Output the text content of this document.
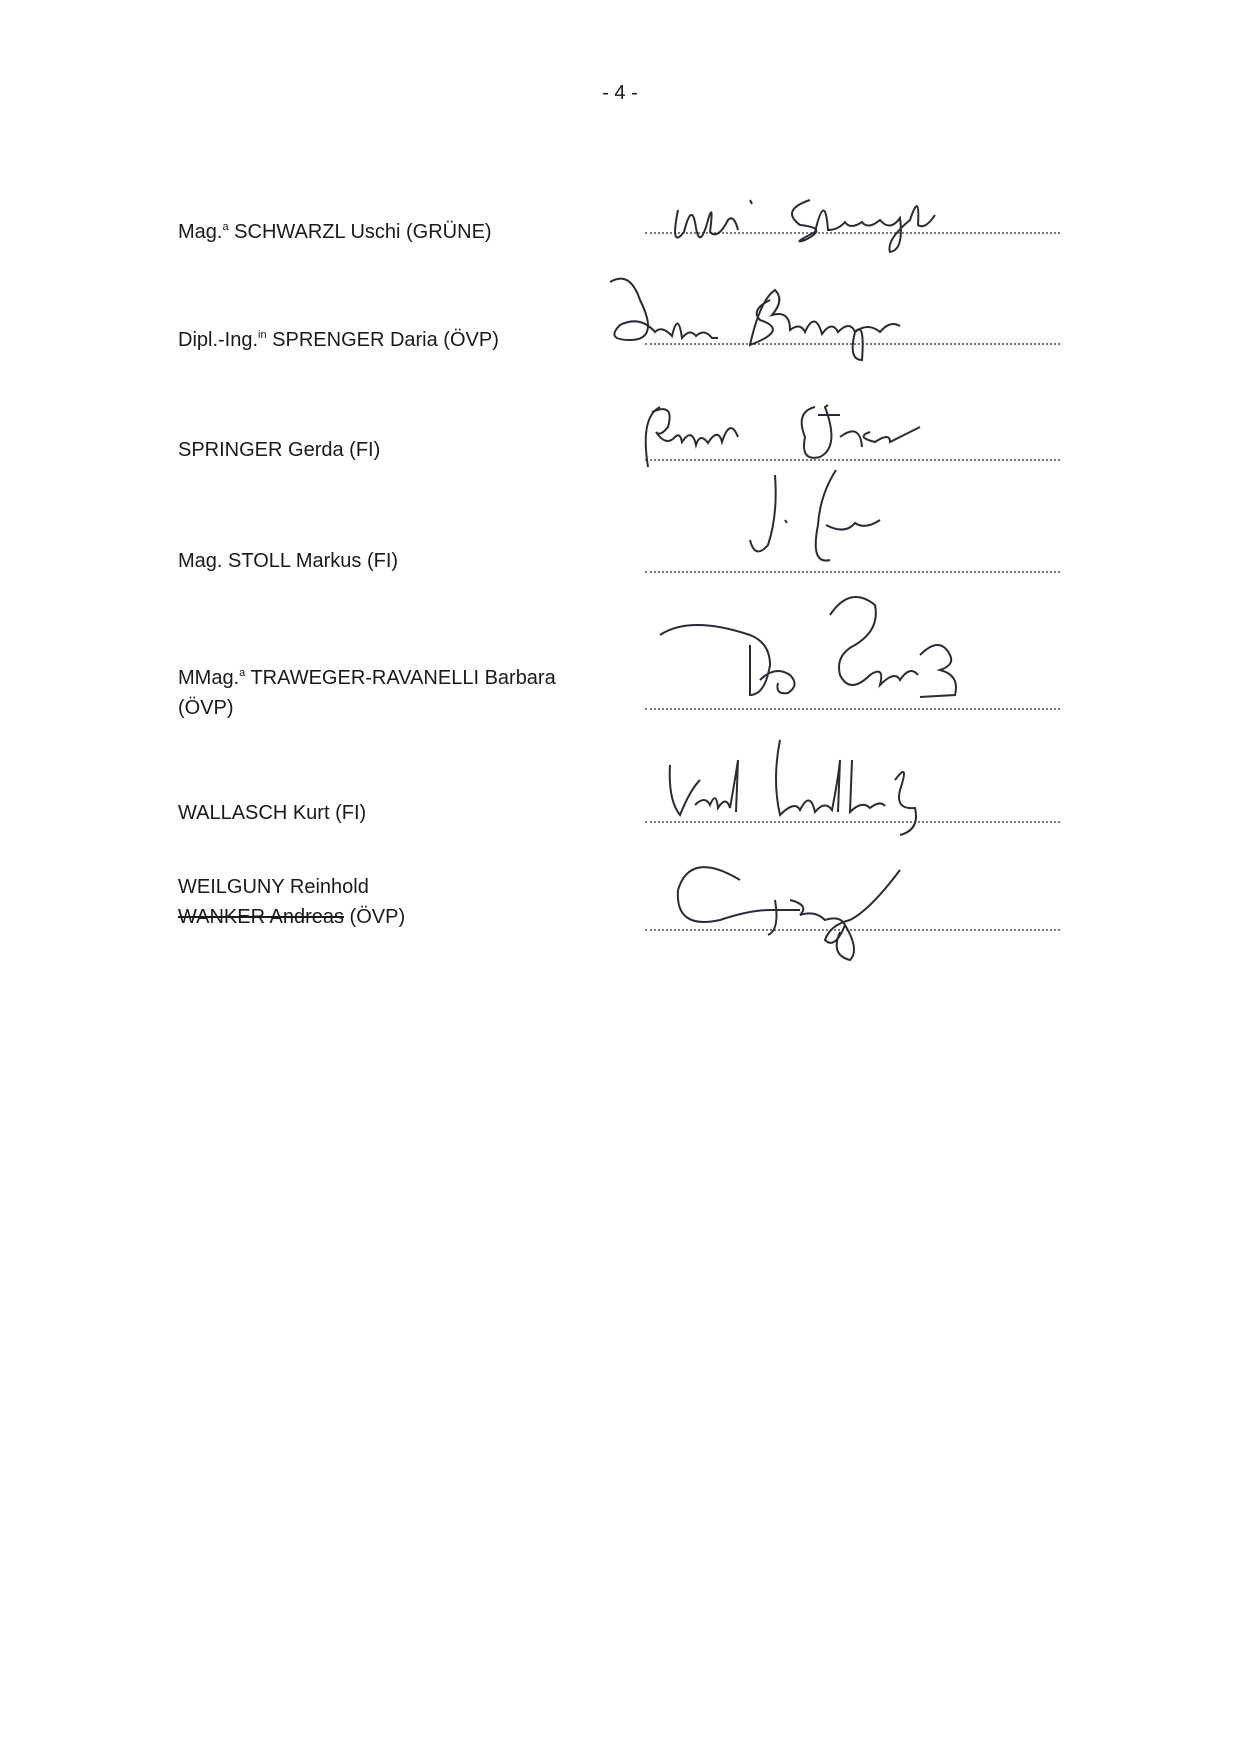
- 4 -
Mag.$^a$ SCHWARZL Uschi (GRÜNE)
Dipl.-Ing.$^{in}$ SPRENGER Daria (ÖVP)
SPRINGER Gerda (FI)
Mag. STOLL Markus (FI)
MMag.$^a$ TRAWEGER-RAVANELLI Barbara
(ÖVP)
WALLASCH Kurt (FI)
WEILGUNY Reinhold
WANKER Andreas (ÖVP)
